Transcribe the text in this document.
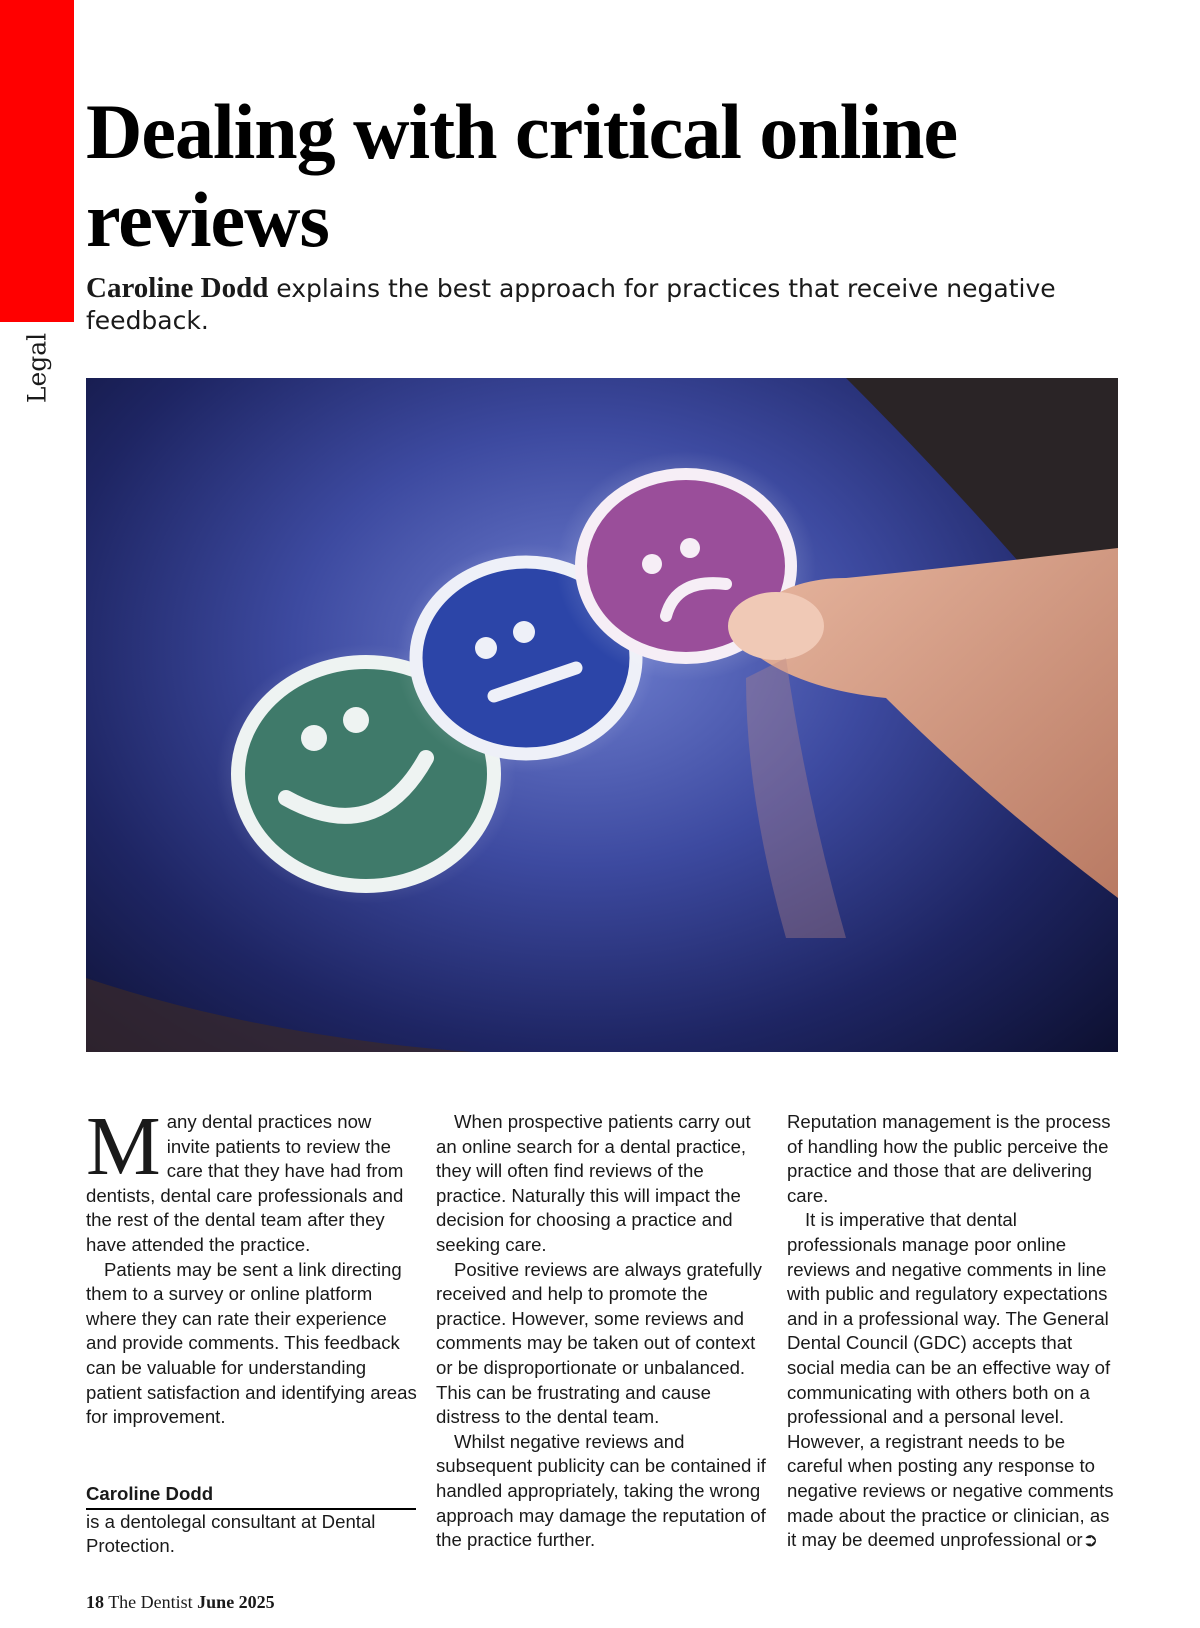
Legal
Dealing with critical online reviews
Caroline Dodd explains the best approach for practices that receive negative feedback.

Many dental practices now invite patients to review the care that they have had from dentists, dental care professionals and the rest of the dental team after they have attended the practice.

Patients may be sent a link directing them to a survey or online platform where they can rate their experience and provide comments. This feedback can be valuable for understanding patient satisfaction and identifying areas for improvement.

When prospective patients carry out an online search for a dental practice, they will often find reviews of the practice. Naturally this will impact the decision for choosing a practice and seeking care.

Positive reviews are always gratefully received and help to promote the practice. However, some reviews and comments may be taken out of context or be disproportionate or unbalanced. This can be frustrating and cause distress to the dental team.

Whilst negative reviews and subsequent publicity can be contained if handled appropriately, taking the wrong approach may damage the reputation of the practice further.

Reputation management is the process of handling how the public perceive the practice and those that are delivering care.

It is imperative that dental professionals manage poor online reviews and negative comments in line with public and regulatory expectations and in a professional way. The General Dental Council (GDC) accepts that social media can be an effective way of communicating with others both on a professional and a personal level. However, a registrant needs to be careful when posting any response to negative reviews or negative comments made about the practice or clinician, as it may be deemed unprofessional or➲

Caroline Dodd
is a dentolegal consultant at Dental Protection.
18 The Dentist June 2025
